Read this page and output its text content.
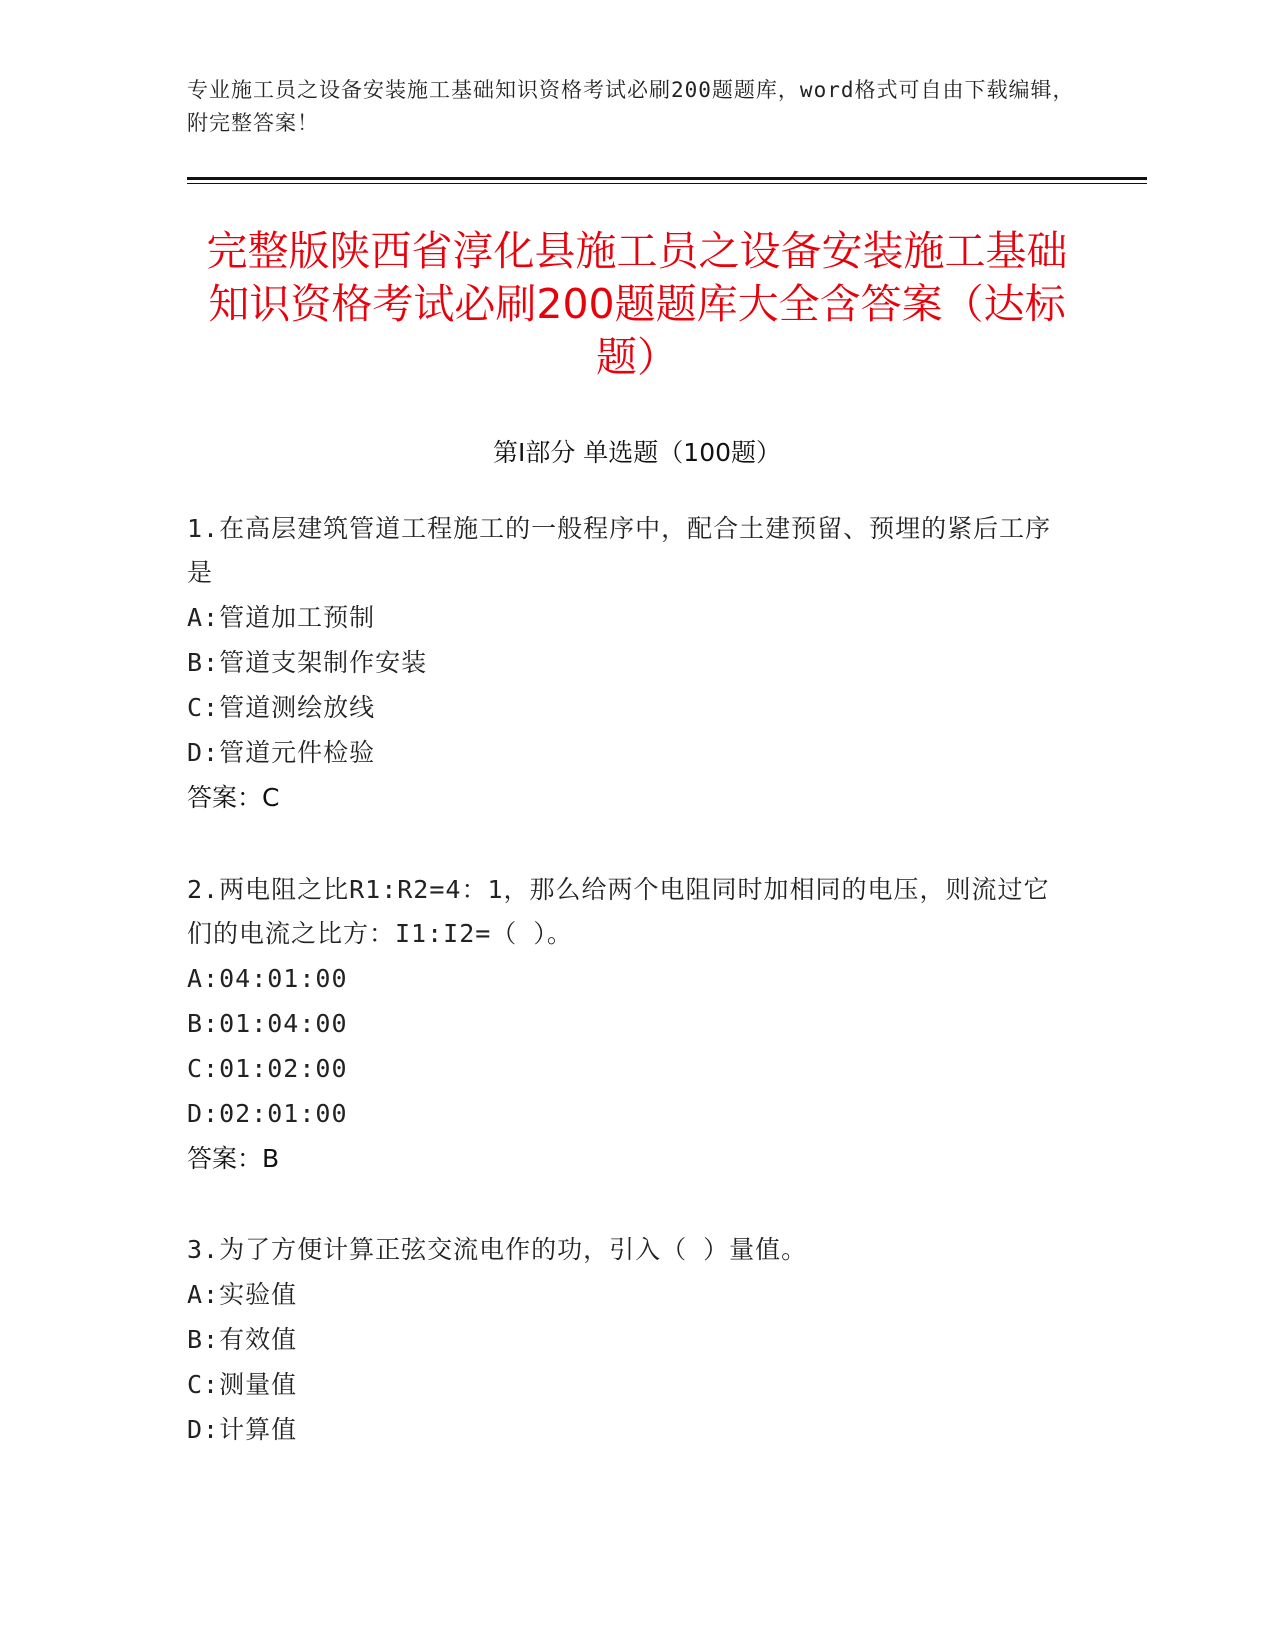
专业施工员之设备安装施工基础知识资格考试必刷200题题库，word格式可自由下载编辑，附完整答案！
完整版陕西省淳化县施工员之设备安装施工基础知识资格考试必刷200题题库大全含答案（达标题）
第Ⅰ部分 单选题（100题）
1.在高层建筑管道工程施工的一般程序中，配合土建预留、预埋的紧后工序是
A:管道加工预制
B:管道支架制作安装
C:管道测绘放线
D:管道元件检验
答案：C
2.两电阻之比R1:R2=4：1，那么给两个电阻同时加相同的电压，则流过它们的电流之比方：I1:I2=（ ）。
A:04:01:00
B:01:04:00
C:01:02:00
D:02:01:00
答案：B
3.为了方便计算正弦交流电作的功，引入（ ）量值。
A:实验值
B:有效值
C:测量值
D:计算值
